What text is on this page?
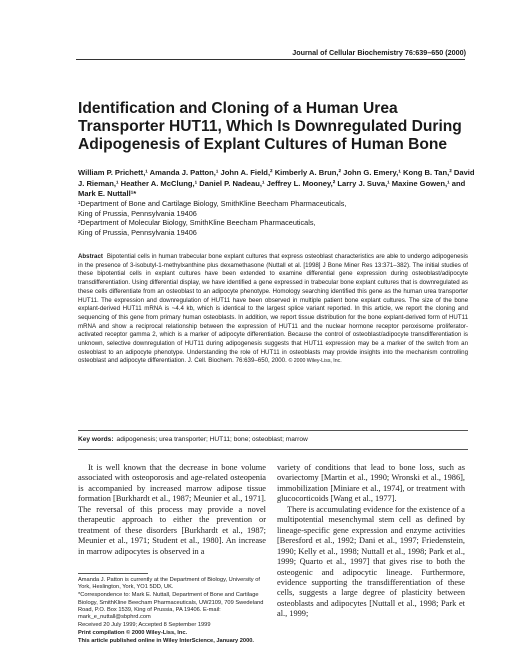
Journal of Cellular Biochemistry 76:639–650 (2000)
Identification and Cloning of a Human Urea Transporter HUT11, Which Is Downregulated During Adipogenesis of Explant Cultures of Human Bone
William P. Prichett,¹ Amanda J. Patton,¹ John A. Field,² Kimberly A. Brun,² John G. Emery,¹ Kong B. Tan,² David J. Rieman,¹ Heather A. McClung,¹ Daniel P. Nadeau,¹ Jeffrey L. Mooney,² Larry J. Suva,¹ Maxine Gowen,¹ and Mark E. Nuttall¹*
¹Department of Bone and Cartilage Biology, SmithKline Beecham Pharmaceuticals,
King of Prussia, Pennsylvania 19406
²Department of Molecular Biology, SmithKline Beecham Pharmaceuticals,
King of Prussia, Pennsylvania 19406
Abstract Bipotential cells in human trabecular bone explant cultures that express osteoblast characteristics are able to undergo adipogenesis in the presence of 3-isobutyl-1-methylxanthine plus dexamethasone (Nuttall et al. [1998] J Bone Miner Res 13:371–382). The initial studies of these bipotential cells in explant cultures have been extended to examine differential gene expression during osteoblast/adipocyte transdifferentiation. Using differential display, we have identified a gene expressed in trabecular bone explant cultures that is downregulated as these cells differentiate from an osteoblast to an adipocyte phenotype. Homology searching identified this gene as the human urea transporter HUT11. The expression and downregulation of HUT11 have been observed in multiple patient bone explant cultures. The size of the bone explant-derived HUT11 mRNA is ~4.4 kb, which is identical to the largest splice variant reported. In this article, we report the cloning and sequencing of this gene from primary human osteoblasts. In addition, we report tissue distribution for the bone explant-derived form of HUT11 mRNA and show a reciprocal relationship between the expression of HUT11 and the nuclear hormone receptor peroxisome proliferator-activated receptor gamma 2, which is a marker of adipocyte differentiation. Because the control of osteoblast/adipocyte transdifferentiation is unknown, selective downregulation of HUT11 during adipogenesis suggests that HUT11 expression may be a marker of the switch from an osteoblast to an adipocyte phenotype. Understanding the role of HUT11 in osteoblasts may provide insights into the mechanism controlling osteoblast and adipocyte differentiation. J. Cell. Biochem. 76:639–650, 2000. © 2000 Wiley-Liss, Inc.
Key words: adipogenesis; urea transporter; HUT11; bone; osteoblast; marrow

It is well known that the decrease in bone volume associated with osteoporosis and age-related osteopenia is accompanied by increased marrow adipose tissue formation [Burkhardt et al., 1987; Meunier et al., 1971]. The reversal of this process may provide a novel therapeutic approach to either the prevention or treatment of these disorders [Burkhardt et al., 1987; Meunier et al., 1971; Student et al., 1980]. An increase in marrow adipocytes is observed in a

variety of conditions that lead to bone loss, such as ovariectomy [Martin et al., 1990; Wronski et al., 1986], immobilization [Miniare et al., 1974], or treatment with glucocorticoids [Wang et al., 1977].

There is accumulating evidence for the existence of a multipotential mesenchymal stem cell as defined by lineage-specific gene expression and enzyme activities [Beresford et al., 1992; Dani et al., 1997; Friedenstein, 1990; Kelly et al., 1998; Nuttall et al., 1998; Park et al., 1999; Quarto et al., 1997] that gives rise to both the osteogenic and adipocytic lineage. Furthermore, evidence supporting the transdifferentiation of these cells, suggests a large degree of plasticity between osteoblasts and adipocytes [Nuttall et al., 1998; Park et al., 1999;

Amanda J. Patton is currently at the Department of Biology, University of York, Heslington, York, YO1 5DD, UK.

*Correspondence to: Mark E. Nuttall, Department of Bone and Cartilage Biology, SmithKline Beecham Pharmaceuticals, UW2109, 709 Swedeland Road, P.O. Box 1539, King of Prussia, PA 19406. E-mail: mark_e_nuttall@sbphrd.com

Received 20 July 1999; Accepted 8 September 1999

Print compilation © 2000 Wiley-Liss, Inc.

This article published online in Wiley InterScience, January 2000.
